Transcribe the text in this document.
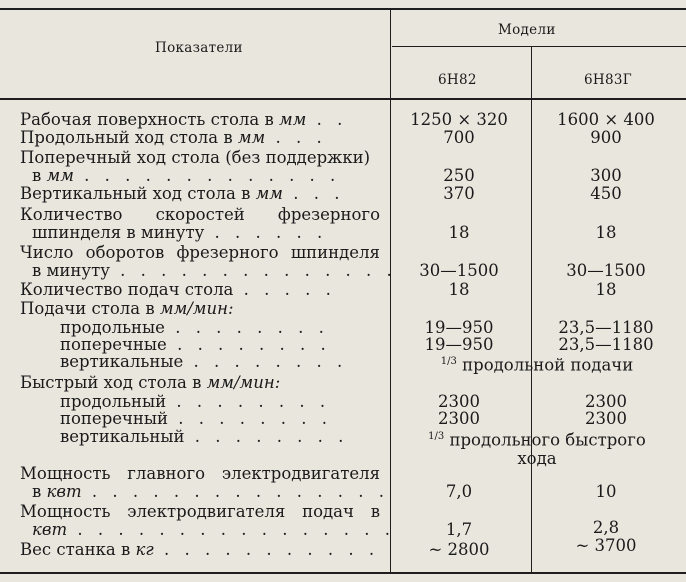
Показатели
Модели
6Н82	6Н83Г
Рабочая поверхность стола в мм . .	1250 × 320	1600 × 400
Продольный ход стола в мм . . .	700	900
Поперечный ход стола (без поддержки)
в мм . . . . . . . . . . . . .	250	300
Вертикальный ход стола в мм . . .	370	450
Количество скоростей фрезерного
шпинделя в минуту . . . . . .	18	18
Число оборотов фрезерного шпинделя
в минуту . . . . . . . . . . . . . .	30—1500	30—1500
Количество подач стола . . . . .	18	18
Подачи стола в мм/мин:
продольные . . . . . . . .	19—950	23,5—1180
поперечные . . . . . . . .	19—950	23,5—1180
вертикальные . . . . . . . .	$^{1/3}$ продольной подачи
Быстрый ход стола в мм/мин:
продольный . . . . . . . .	2300	2300
поперечный . . . . . . . .	2300	2300
вертикальный . . . . . . . .	$^{1/3}$ продольного быстрого
хода
Мощность главного электродвигателя
в квт . . . . . . . . . . . . . . .	7,0	10
Мощность электродвигателя подач в
квт . . . . . . . . . . . . . . . .	1,7	2,8
Вес станка в кг . . . . . . . . . . .	~ 2800	~ 3700
